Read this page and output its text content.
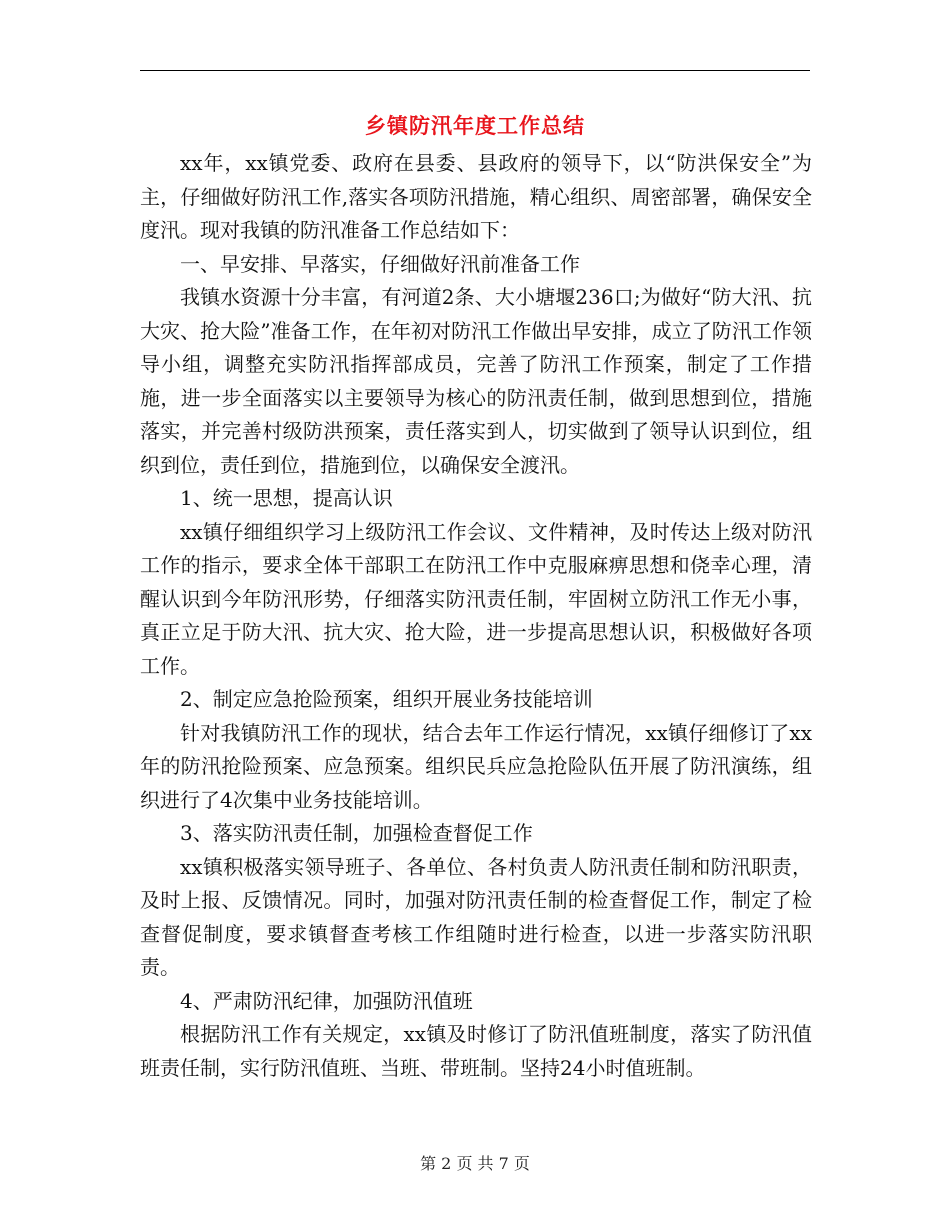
乡镇防汛年度工作总结

xx年，xx镇党委、政府在县委、县政府的领导下，以“防洪保安全”为主，仔细做好防汛工作,落实各项防汛措施，精心组织、周密部署，确保安全度汛。现对我镇的防汛准备工作总结如下：

一、早安排、早落实，仔细做好汛前准备工作

我镇水资源十分丰富，有河道2条、大小塘堰236口;为做好“防大汛、抗大灾、抢大险”准备工作，在年初对防汛工作做出早安排，成立了防汛工作领导小组，调整充实防汛指挥部成员，完善了防汛工作预案，制定了工作措施，进一步全面落实以主要领导为核心的防汛责任制，做到思想到位，措施落实，并完善村级防洪预案，责任落实到人，切实做到了领导认识到位，组织到位，责任到位，措施到位，以确保安全渡汛。

1、统一思想，提高认识

xx镇仔细组织学习上级防汛工作会议、文件精神，及时传达上级对防汛工作的指示，要求全体干部职工在防汛工作中克服麻痹思想和侥幸心理，清醒认识到今年防汛形势，仔细落实防汛责任制，牢固树立防汛工作无小事，真正立足于防大汛、抗大灾、抢大险，进一步提高思想认识，积极做好各项工作。

2、制定应急抢险预案，组织开展业务技能培训

针对我镇防汛工作的现状，结合去年工作运行情况，xx镇仔细修订了xx年的防汛抢险预案、应急预案。组织民兵应急抢险队伍开展了防汛演练，组织进行了4次集中业务技能培训。

3、落实防汛责任制，加强检查督促工作

xx镇积极落实领导班子、各单位、各村负责人防汛责任制和防汛职责，及时上报、反馈情况。同时，加强对防汛责任制的检查督促工作，制定了检查督促制度，要求镇督查考核工作组随时进行检查，以进一步落实防汛职责。

4、严肃防汛纪律，加强防汛值班

根据防汛工作有关规定，xx镇及时修订了防汛值班制度，落实了防汛值班责任制，实行防汛值班、当班、带班制。坚持24小时值班制。

第 2 页 共 7 页
